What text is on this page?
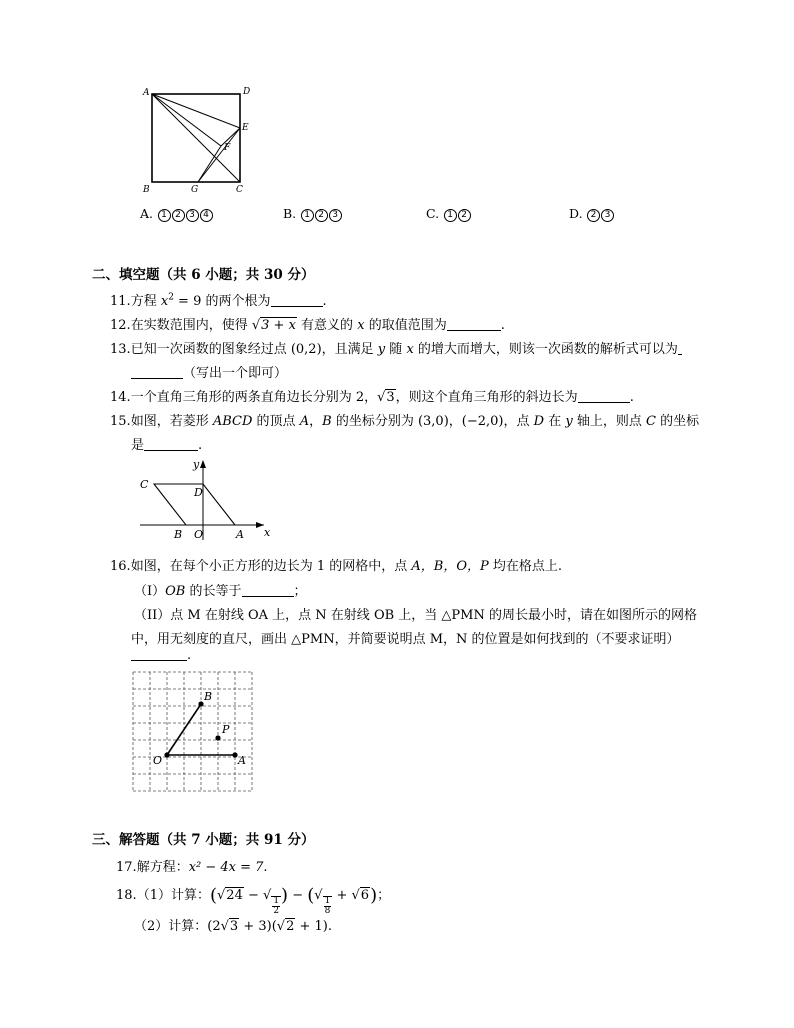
A	D
E
F
B	G	C
A. 1 2 3 4	B. 1 2 3	C. 1 2	D. 2 3
二、填空题（共 6 小题；共 30 分）
11.方程 $x^2 = 9$ 的两个根为	.
12.在实数范围内，使得 √3 + x 有意义的 x 的取值范围为	.
13.已知一次函数的图象经过点 (0,2)，且满足 y 随 x 的增大而增大，则该一次函数的解析式可以为
（写出一个即可）
14.一个直角三角形的两条直角边长分别为 2，√3，则这个直角三角形的斜边长为	.
15.如图，若菱形 ABCD 的顶点 A，B 的坐标分别为 (3,0)，(−2,0)，点 D 在 y 轴上，则点 C 的坐标
是	.
C
D
y
B O	A x
16.如图，在每个小正方形的边长为 1 的网格中，点 A，B，O，P 均在格点上.
（I）OB 的长等于	；
（II）点 M 在射线 OA 上，点 N 在射线 OB 上，当 △PMN 的周长最小时，请在如图所示的网格
中，用无刻度的直尺，画出 △PMN，并简要说明点 M，N 的位置是如何找到的（不要求证明）
.
B
P
O	A
三、解答题（共 7 小题；共 91 分）
17.解方程：x² − 4x = 7.
18.（1）计算：(√24 − √
$\frac{1}{2}$ ) − (√
$\frac{1}{8}$
+ √6)；
（2）计算：(2√3 + 3)(√2 + 1).
